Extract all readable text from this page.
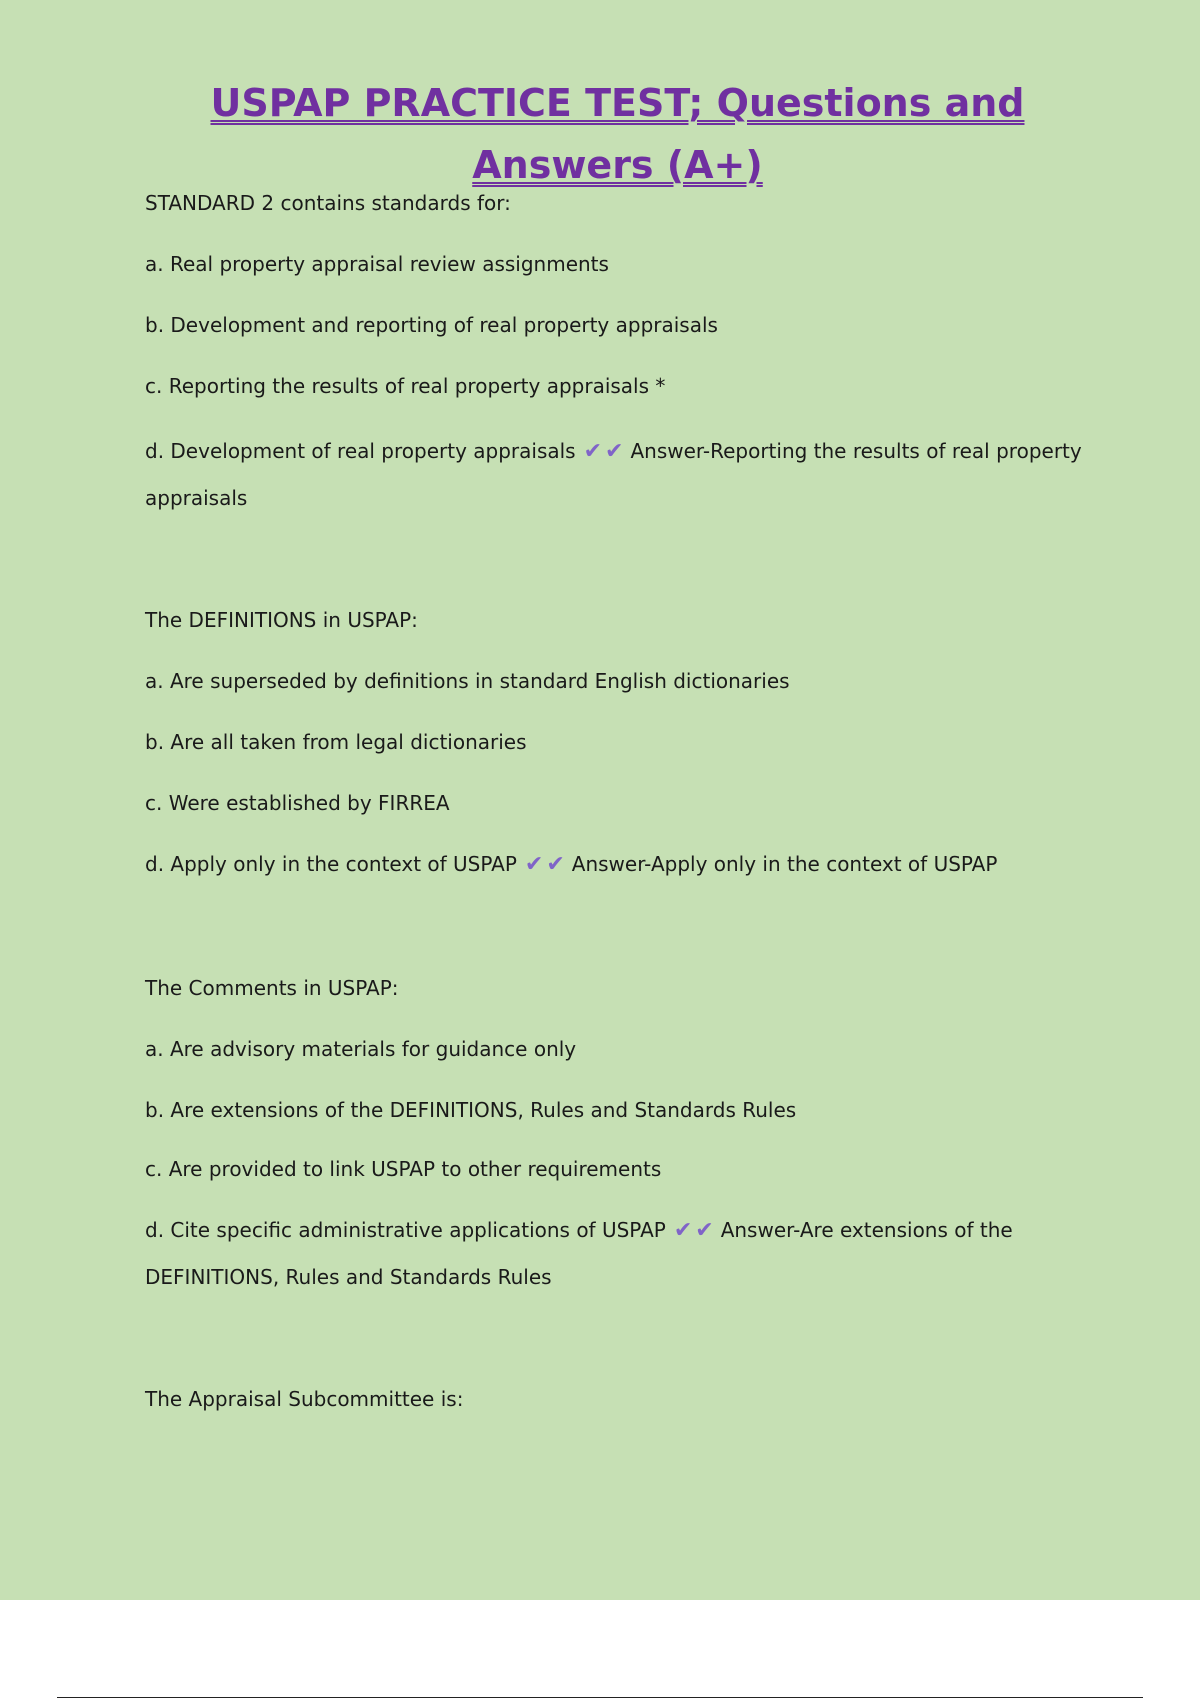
USPAP PRACTICE TEST; Questions and Answers (A+)

STANDARD 2 contains standards for:

a. Real property appraisal review assignments

b. Development and reporting of real property appraisals

c. Reporting the results of real property appraisals *

d. Development of real property appraisals ✔✔ Answer-Reporting the results of real property appraisals

The DEFINITIONS in USPAP:

a. Are superseded by definitions in standard English dictionaries

b. Are all taken from legal dictionaries

c. Were established by FIRREA

d. Apply only in the context of USPAP ✔✔ Answer-Apply only in the context of USPAP

The Comments in USPAP:

a. Are advisory materials for guidance only

b. Are extensions of the DEFINITIONS, Rules and Standards Rules

c. Are provided to link USPAP to other requirements

d. Cite specific administrative applications of USPAP ✔✔ Answer-Are extensions of the DEFINITIONS, Rules and Standards Rules

The Appraisal Subcommittee is:
